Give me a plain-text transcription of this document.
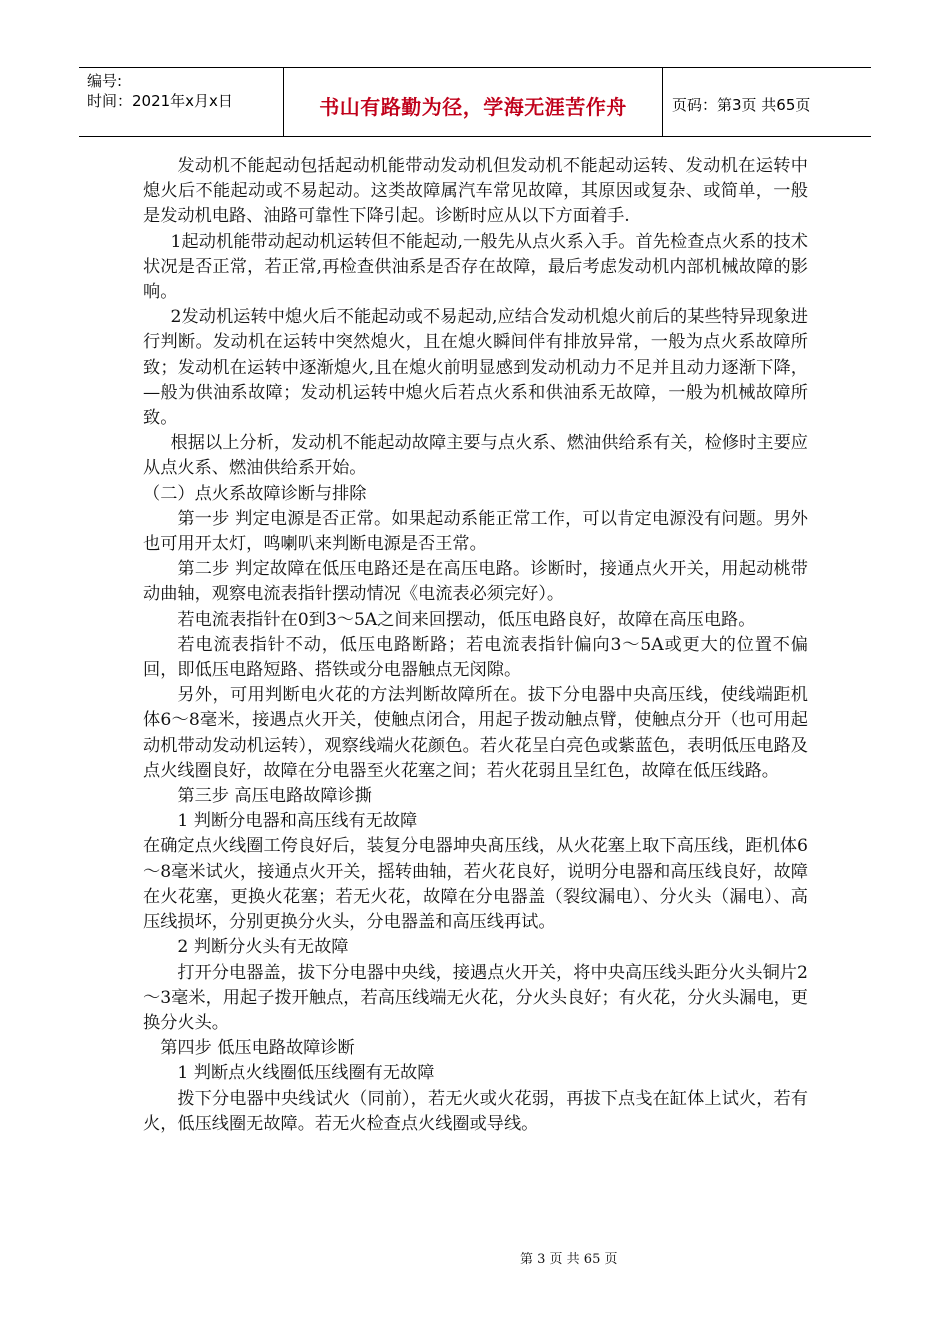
编号:
时间：2021年x月x日	书山有路勤为径，学海无涯苦作舟	页码：第3页 共65页

发动机不能起动包括起动机能带动发动机但发动机不能起动运转、发动机在运转中熄火后不能起动或不易起动。这类故障属汽车常见故障，其原因或复杂、或简单，一般是发动机电路、油路可靠性下降引起。诊断时应从以下方面着手.

1起动机能带动起动机运转但不能起动,一般先从点火系入手。首先检查点火系的技术状况是否正常，若正常,再检查供油系是否存在故障，最后考虑发动机内部机械故障的影响。

2发动机运转中熄火后不能起动或不易起动,应结合发动机熄火前后的某些特异现象进行判断。发动机在运转中突然熄火，且在熄火瞬间伴有排放异常，一般为点火系故障所致；发动机在运转中逐渐熄火,且在熄火前明显感到发动机动力不足并且动力逐渐下降，—般为供油系故障；发动机运转中熄火后若点火系和供油系无故障，一般为机械故障所致。

根据以上分析，发动机不能起动故障主要与点火系、燃油供给系有关，检修时主要应从点火系、燃油供给系开始。

（二）点火系故障诊断与排除

第一步 判定电源是否正常。如果起动系能正常工作，可以肯定电源没有问题。男外也可用开太灯，鸣喇叭来判断电源是否王常。

第二步 判定故障在低压电路还是在高压电路。诊断时，接通点火开关，用起动桃带动曲轴，观察电流表指针摆动情况《电流表必须完好）。

若电流表指针在0到3～5A之间来回摆动，低压电路良好，故障在高压电路。

若电流表指针不动，低压电路断路；若电流表指针偏向3～5A或更大的位置不偏回，即低压电路短路、搭铁或分电器触点无闵隙。

另外，可用判断电火花的方法判断故障所在。拔下分电器中央高压线，使线端距机体6～8毫米，接遇点火开关，使触点闭合，用起子拨动触点臂，使触点分开（也可用起动机带动发动机运转），观察线端火花颜色。若火花呈白亮色或紫蓝色，表明低压电路及点火线圈良好，故障在分电器至火花塞之间；若火花弱且呈红色，故障在低压线路。

第三步 高压电路故障诊撕

1 判断分电器和高压线有无故障

在确定点火线圈工侉良好后，装复分电器坤央髙压线，从火花塞上取下高压线，距机体6～8毫米试火，接通点火开关，摇转曲轴，若火花良好，说明分电器和高压线良好，故障在火花塞，更换火花塞；若无火花，故障在分电器盖（裂纹漏电）、分火头（漏电）、高压线损坏，分别更换分火头，分电器盖和高压线再试。

2 判断分火头有无故障

打开分电器盖，拔下分电器中央线，接遇点火开关，将中央高压线头距分火头铜片2～3毫米，用起子拨开触点，若高压线端无火花，分火头良好；有火花，分火头漏电，更换分火头。

第四步 低压电路故障诊断

1 判断点火线圈低压线圈有无故障

拨下分电器中央线试火（同前），若无火或火花弱，再拔下点戋在缸体上试火，若有火，低压线圈无故障。若无火检查点火线圈或导线。

第 3 页 共 65 页
